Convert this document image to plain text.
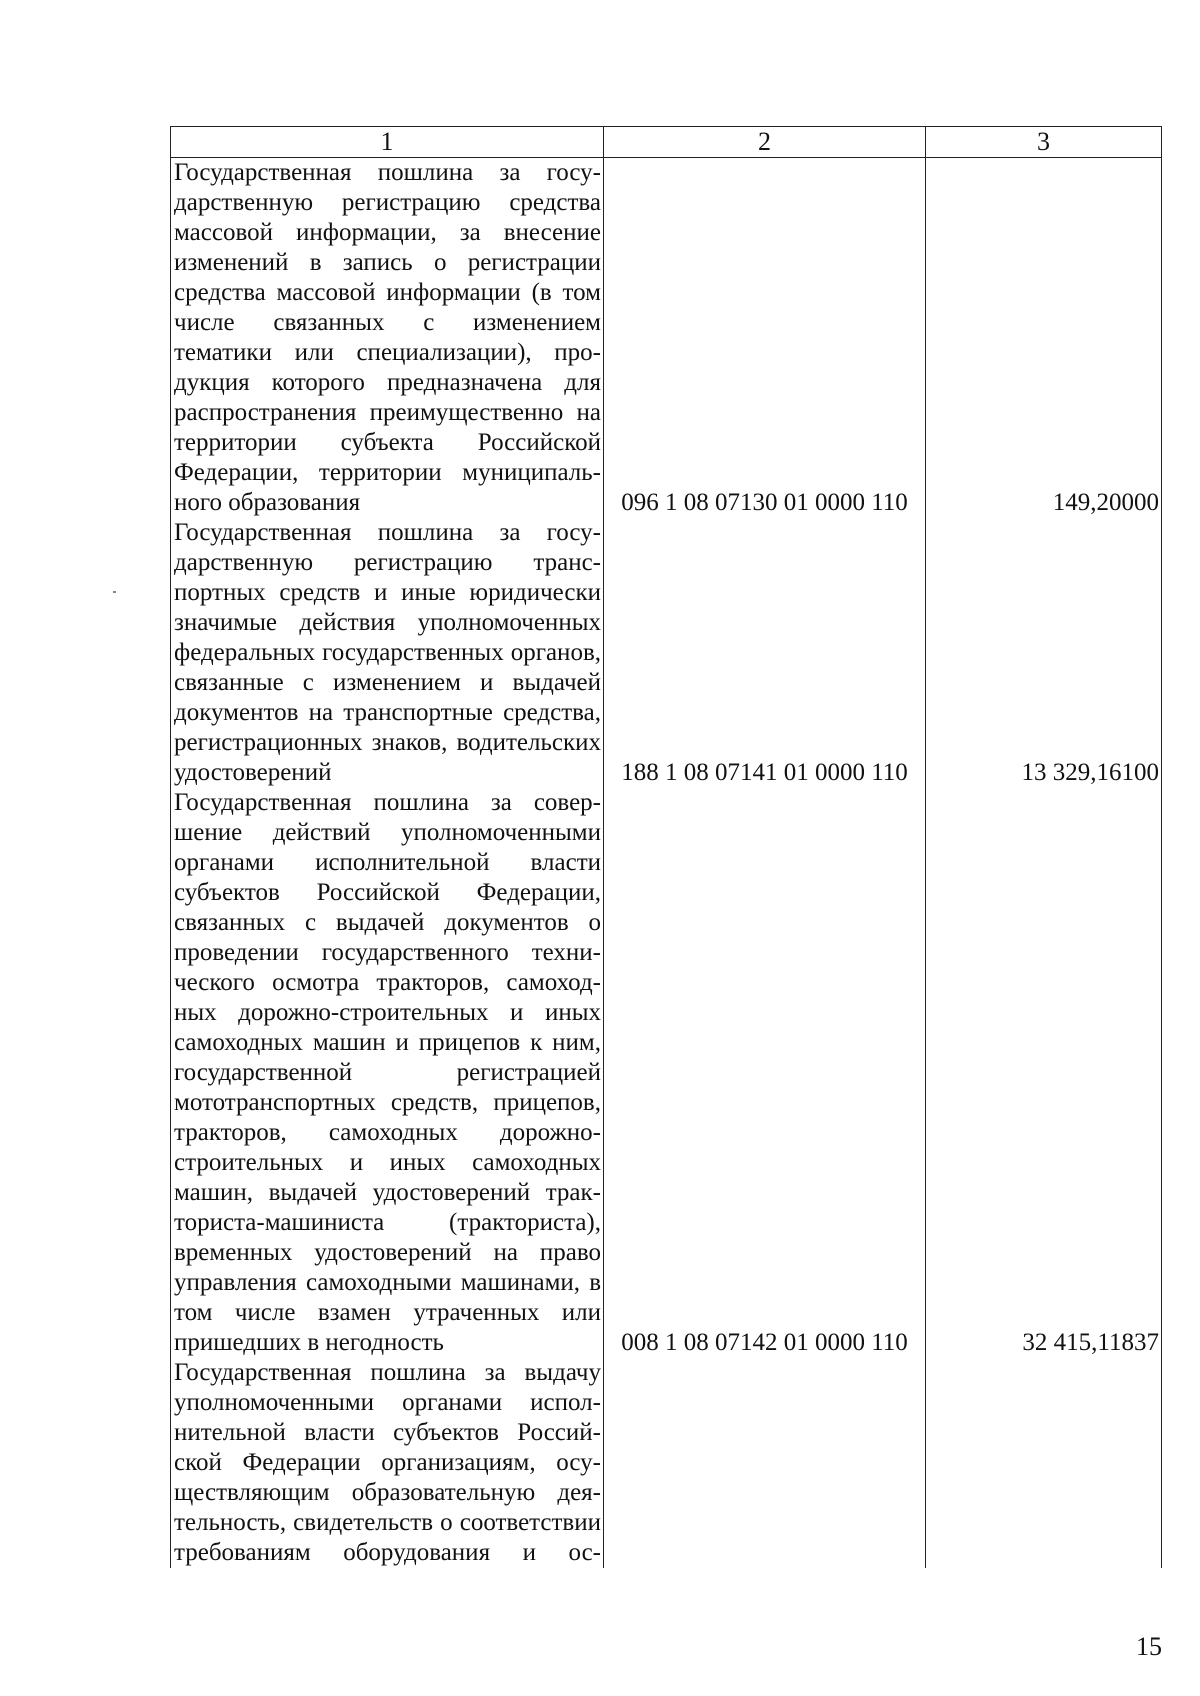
1	2	3
Государственная пошлина за государственную регистрацию средства массовой информации, за внесение изменений в запись о регистрации средства массовой информации (в том числе связанных с изменением тематики или специализации), продукция которого предназначена для распространения преимущественно на территории субъекта Российской Федерации, территории муниципального образования	096 1 08 07130 01 0000 110	149,20000
Государственная пошлина за государственную регистрацию транспортных средств и иные юридически значимые действия уполномоченных федеральных государственных органов, связанные с изменением и выдачей документов на транспортные средства, регистрационных знаков, водительских удостоверений	188 1 08 07141 01 0000 110	13 329,16100
Государственная пошлина за совершение действий уполномоченными органами исполнительной власти субъектов Российской Федерации, связанных с выдачей документов о проведении государственного технического осмотра тракторов, самоходных дорожно-строительных и иных самоходных машин и прицепов к ним, государственной регистрацией мототранспортных средств, прицепов, тракторов, самоходных дорожно-строительных и иных самоходных машин, выдачей удостоверений тракториста-машиниста (тракториста), временных удостоверений на право управления самоходными машинами, в том числе взамен утраченных или пришедших в негодность	008 1 08 07142 01 0000 110	32 415,11837
Государственная пошлина за выдачу уполномоченными органами исполнительной власти субъектов Российской Федерации организациям, осуществляющим образовательную деятельность, свидетельств о соответствии требованиям оборудования и ос-		
15
